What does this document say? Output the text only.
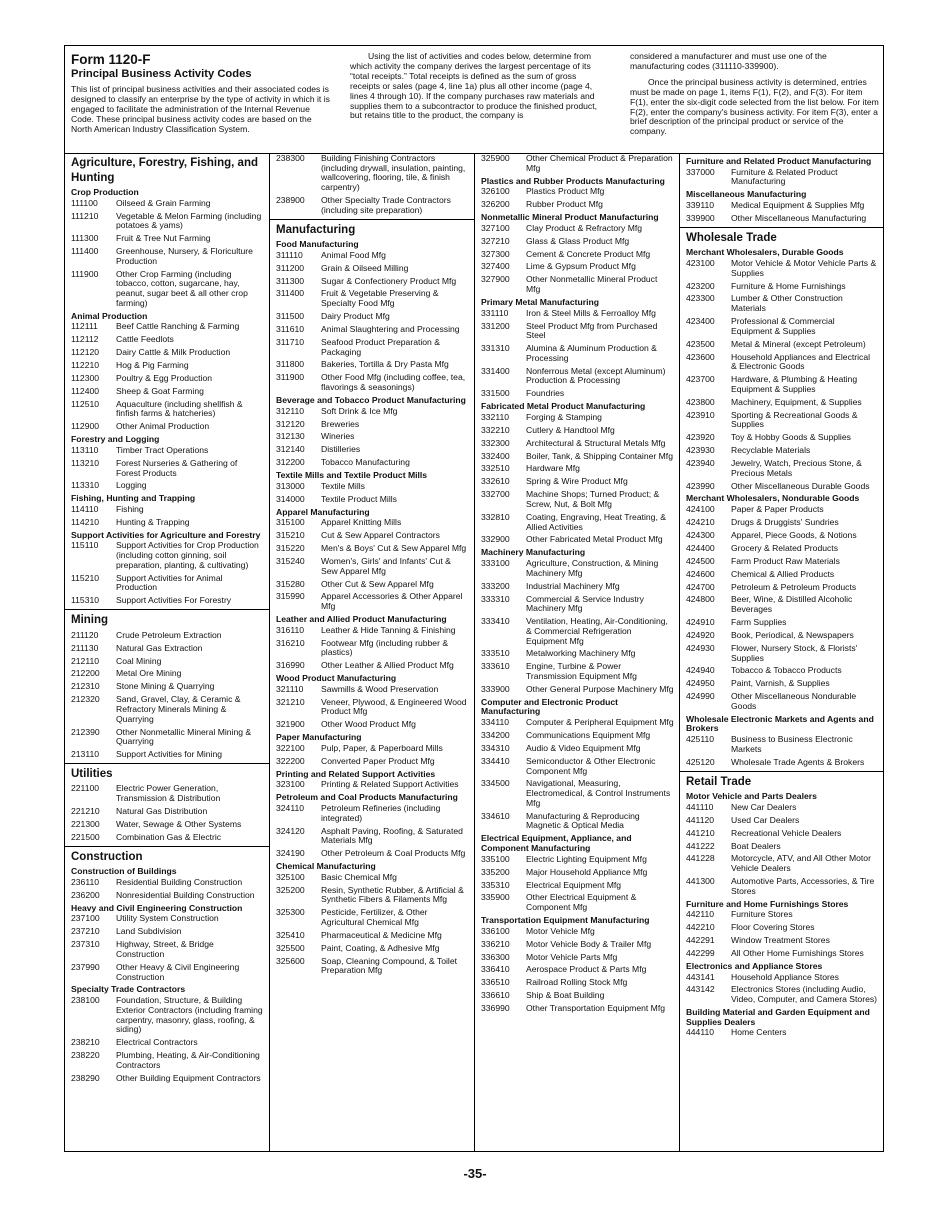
Form 1120-F

Principal Business Activity Codes

This list of principal business activities and their associated codes is designed to classify an enterprise by the type of activity in which it is engaged to facilitate the administration of the Internal Revenue Code. These principal business activity codes are based on the North American Industry Classification System.

Using the list of activities and codes below, determine from which activity the company derives the largest percentage of its “total receipts.” Total receipts is defined as the sum of gross receipts or sales (page 4, line 1a) plus all other income (page 4, lines 4 through 10). If the company purchases raw materials and supplies them to a subcontractor to produce the finished product, but retains title to the product, the company is

considered a manufacturer and must use one of the manufacturing codes (311110-339900).

Once the principal business activity is determined, entries must be made on page 1, items F(1), F(2), and F(3). For item F(1), enter the six-digit code selected from the list below. For item F(2), enter the company's business activity. For item F(3), enter a brief description of the principal product or service of the company.

Agriculture, Forestry, Fishing, and Hunting
Crop Production
111100	Oilseed & Grain Farming
111210	Vegetable & Melon Farming (including potatoes & yams)
111300	Fruit & Tree Nut Farming
111400	Greenhouse, Nursery, & Floriculture Production
111900	Other Crop Farming (including tobacco, cotton, sugarcane, hay, peanut, sugar beet & all other crop farming)
Animal Production
112111	Beef Cattle Ranching & Farming
112112	Cattle Feedlots
112120	Dairy Cattle & Milk Production
112210	Hog & Pig Farming
112300	Poultry & Egg Production
112400	Sheep & Goat Farming
112510	Aquaculture (including shellfish & finfish farms & hatcheries)
112900	Other Animal Production
Forestry and Logging
113110	Timber Tract Operations
113210	Forest Nurseries & Gathering of Forest Products
113310	Logging
Fishing, Hunting and Trapping
114110	Fishing
114210	Hunting & Trapping
Support Activities for Agriculture and Forestry
115110	Support Activities for Crop Production (including cotton ginning, soil preparation, planting, & cultivating)
115210	Support Activities for Animal Production
115310	Support Activities For Forestry
Mining
211120	Crude Petroleum Extraction
211130	Natural Gas Extraction
212110	Coal Mining
212200	Metal Ore Mining
212310	Stone Mining & Quarrying
212320	Sand, Gravel, Clay, & Ceramic & Refractory Minerals Mining & Quarrying
212390	Other Nonmetallic Mineral Mining & Quarrying
213110	Support Activities for Mining
Utilities
221100	Electric Power Generation, Transmission & Distribution
221210	Natural Gas Distribution
221300	Water, Sewage & Other Systems
221500	Combination Gas & Electric
Construction
Construction of Buildings
236110	Residential Building Construction
236200	Nonresidential Building Construction
Heavy and Civil Engineering Construction
237100	Utility System Construction
237210	Land Subdivision
237310	Highway, Street, & Bridge Construction
237990	Other Heavy & Civil Engineering Construction
Specialty Trade Contractors
238100	Foundation, Structure, & Building Exterior Contractors (including framing carpentry, masonry, glass, roofing, & siding)
238210	Electrical Contractors
238220	Plumbing, Heating, & Air-Conditioning Contractors
238290	Other Building Equipment Contractors
238300	Building Finishing Contractors (including drywall, insulation, painting, wallcovering, flooring, tile, & finish carpentry)
238900	Other Specialty Trade Contractors (including site preparation)
Manufacturing
Food Manufacturing
311110	Animal Food Mfg
311200	Grain & Oilseed Milling
311300	Sugar & Confectionery Product Mfg
311400	Fruit & Vegetable Preserving & Specialty Food Mfg
311500	Dairy Product Mfg
311610	Animal Slaughtering and Processing
311710	Seafood Product Preparation & Packaging
311800	Bakeries, Tortilla & Dry Pasta Mfg
311900	Other Food Mfg (including coffee, tea, flavorings & seasonings)
Beverage and Tobacco Product Manufacturing
312110	Soft Drink & Ice Mfg
312120	Breweries
312130	Wineries
312140	Distilleries
312200	Tobacco Manufacturing
Textile Mills and Textile Product Mills
313000	Textile Mills
314000	Textile Product Mills
Apparel Manufacturing
315100	Apparel Knitting Mills
315210	Cut & Sew Apparel Contractors
315220	Men's & Boys' Cut & Sew Apparel Mfg
315240	Women's, Girls' and Infants' Cut & Sew Apparel Mfg
315280	Other Cut & Sew Apparel Mfg
315990	Apparel Accessories & Other Apparel Mfg
Leather and Allied Product Manufacturing
316110	Leather & Hide Tanning & Finishing
316210	Footwear Mfg (including rubber & plastics)
316990	Other Leather & Allied Product Mfg
Wood Product Manufacturing
321110	Sawmills & Wood Preservation
321210	Veneer, Plywood, & Engineered Wood Product Mfg
321900	Other Wood Product Mfg
Paper Manufacturing
322100	Pulp, Paper, & Paperboard Mills
322200	Converted Paper Product Mfg
Printing and Related Support Activities
323100	Printing & Related Support Activities
Petroleum and Coal Products Manufacturing
324110	Petroleum Refineries (including integrated)
324120	Asphalt Paving, Roofing, & Saturated Materials Mfg
324190	Other Petroleum & Coal Products Mfg
Chemical Manufacturing
325100	Basic Chemical Mfg
325200	Resin, Synthetic Rubber, & Artificial & Synthetic Fibers & Filaments Mfg
325300	Pesticide, Fertilizer, & Other Agricultural Chemical Mfg
325410	Pharmaceutical & Medicine Mfg
325500	Paint, Coating, & Adhesive Mfg
325600	Soap, Cleaning Compound, & Toilet Preparation Mfg
325900	Other Chemical Product & Preparation Mfg
Plastics and Rubber Products Manufacturing
326100	Plastics Product Mfg
326200	Rubber Product Mfg
Nonmetallic Mineral Product Manufacturing
327100	Clay Product & Refractory Mfg
327210	Glass & Glass Product Mfg
327300	Cement & Concrete Product Mfg
327400	Lime & Gypsum Product Mfg
327900	Other Nonmetallic Mineral Product Mfg
Primary Metal Manufacturing
331110	Iron & Steel Mills & Ferroalloy Mfg
331200	Steel Product Mfg from Purchased Steel
331310	Alumina & Aluminum Production & Processing
331400	Nonferrous Metal (except Aluminum) Production & Processing
331500	Foundries
Fabricated Metal Product Manufacturing
332110	Forging & Stamping
332210	Cutlery & Handtool Mfg
332300	Architectural & Structural Metals Mfg
332400	Boiler, Tank, & Shipping Container Mfg
332510	Hardware Mfg
332610	Spring & Wire Product Mfg
332700	Machine Shops; Turned Product; & Screw, Nut, & Bolt Mfg
332810	Coating, Engraving, Heat Treating, & Allied Activities
332900	Other Fabricated Metal Product Mfg
Machinery Manufacturing
333100	Agriculture, Construction, & Mining Machinery Mfg
333200	Industrial Machinery Mfg
333310	Commercial & Service Industry Machinery Mfg
333410	Ventilation, Heating, Air-Conditioning, & Commercial Refrigeration Equipment Mfg
333510	Metalworking Machinery Mfg
333610	Engine, Turbine & Power Transmission Equipment Mfg
333900	Other General Purpose Machinery Mfg
Computer and Electronic Product Manufacturing
334110	Computer & Peripheral Equipment Mfg
334200	Communications Equipment Mfg
334310	Audio & Video Equipment Mfg
334410	Semiconductor & Other Electronic Component Mfg
334500	Navigational, Measuring, Electromedical, & Control Instruments Mfg
334610	Manufacturing & Reproducing Magnetic & Optical Media
Electrical Equipment, Appliance, and Component Manufacturing
335100	Electric Lighting Equipment Mfg
335200	Major Household Appliance Mfg
335310	Electrical Equipment Mfg
335900	Other Electrical Equipment & Component Mfg
Transportation Equipment Manufacturing
336100	Motor Vehicle Mfg
336210	Motor Vehicle Body & Trailer Mfg
336300	Motor Vehicle Parts Mfg
336410	Aerospace Product & Parts Mfg
336510	Railroad Rolling Stock Mfg
336610	Ship & Boat Building
336990	Other Transportation Equipment Mfg
Furniture and Related Product Manufacturing
337000	Furniture & Related Product Manufacturing
Miscellaneous Manufacturing
339110	Medical Equipment & Supplies Mfg
339900	Other Miscellaneous Manufacturing
Wholesale Trade
Merchant Wholesalers, Durable Goods
423100	Motor Vehicle & Motor Vehicle Parts & Supplies
423200	Furniture & Home Furnishings
423300	Lumber & Other Construction Materials
423400	Professional & Commercial Equipment & Supplies
423500	Metal & Mineral (except Petroleum)
423600	Household Appliances and Electrical & Electronic Goods
423700	Hardware, & Plumbing & Heating Equipment & Supplies
423800	Machinery, Equipment, & Supplies
423910	Sporting & Recreational Goods & Supplies
423920	Toy & Hobby Goods & Supplies
423930	Recyclable Materials
423940	Jewelry, Watch, Precious Stone, & Precious Metals
423990	Other Miscellaneous Durable Goods
Merchant Wholesalers, Nondurable Goods
424100	Paper & Paper Products
424210	Drugs & Druggists' Sundries
424300	Apparel, Piece Goods, & Notions
424400	Grocery & Related Products
424500	Farm Product Raw Materials
424600	Chemical & Allied Products
424700	Petroleum & Petroleum Products
424800	Beer, Wine, & Distilled Alcoholic Beverages
424910	Farm Supplies
424920	Book, Periodical, & Newspapers
424930	Flower, Nursery Stock, & Florists' Supplies
424940	Tobacco & Tobacco Products
424950	Paint, Varnish, & Supplies
424990	Other Miscellaneous Nondurable Goods
Wholesale Electronic Markets and Agents and Brokers
425110	Business to Business Electronic Markets
425120	Wholesale Trade Agents & Brokers
Retail Trade
Motor Vehicle and Parts Dealers
441110	New Car Dealers
441120	Used Car Dealers
441210	Recreational Vehicle Dealers
441222	Boat Dealers
441228	Motorcycle, ATV, and All Other Motor Vehicle Dealers
441300	Automotive Parts, Accessories, & Tire Stores
Furniture and Home Furnishings Stores
442110	Furniture Stores
442210	Floor Covering Stores
442291	Window Treatment Stores
442299	All Other Home Furnishings Stores
Electronics and Appliance Stores
443141	Household Appliance Stores
443142	Electronics Stores (including Audio, Video, Computer, and Camera Stores)
Building Material and Garden Equipment and Supplies Dealers
444110	Home Centers
-35-
